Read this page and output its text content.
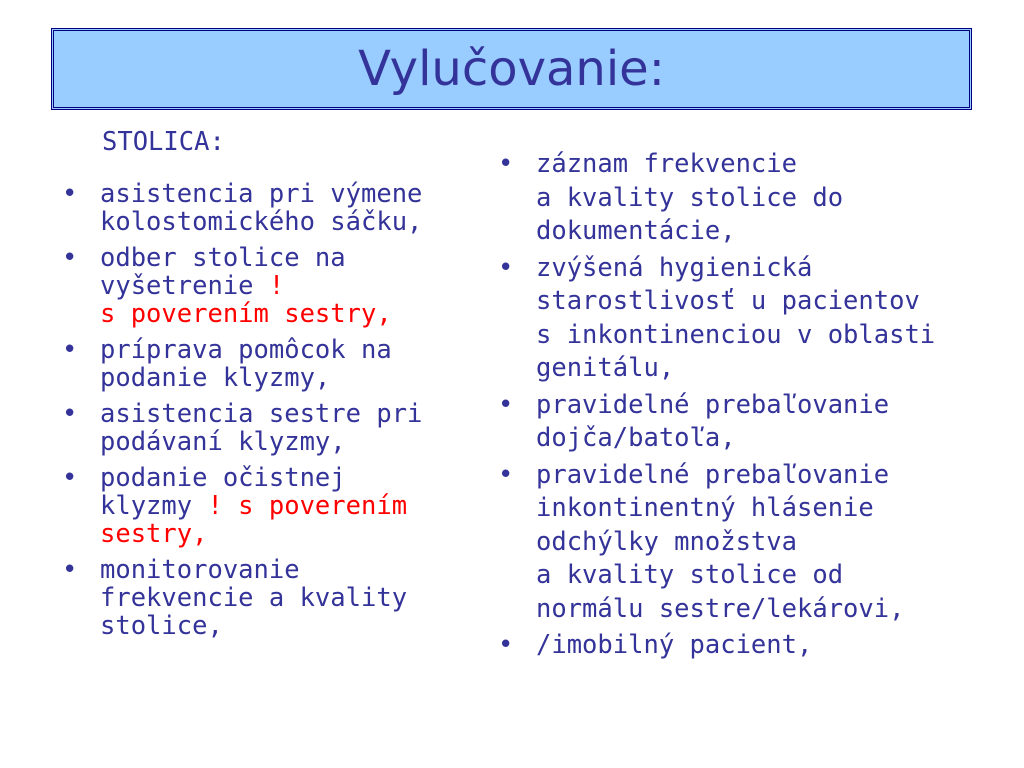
Vylučovanie:
STOLICA:
• asistencia pri výmene
kolostomického sáčku,
• odber stolice na
vyšetrenie !
s poverením sestry,
• príprava pomôcok na
podanie klyzmy,
• asistencia sestre pri
podávaní klyzmy,
• podanie očistnej
klyzmy ! s poverením
sestry,
• monitorovanie
frekvencie a kvality
stolice,
• záznam frekvencie
a kvality stolice do
dokumentácie,
• zvýšená hygienická
starostlivosť u pacientov
s inkontinenciou v oblasti
genitálu,
• pravidelné prebaľovanie
dojča/batoľa,
• pravidelné prebaľovanie
inkontinentný hlásenie
odchýlky množstva
a kvality stolice od
normálu sestre/lekárovi,
• /imobilný pacient,
